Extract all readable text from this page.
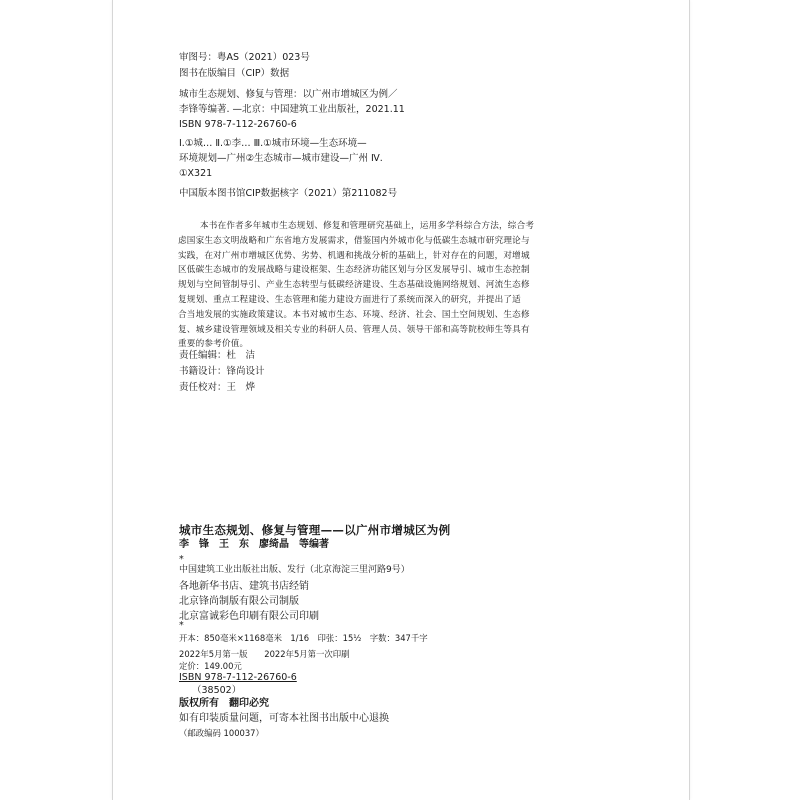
审图号：粤AS（2021）023号
图书在版编目（CIP）数据
城市生态规划、修复与管理：以广州市增城区为例／
李锋等编著. —北京：中国建筑工业出版社，2021.11
ISBN 978-7-112-26760-6
Ⅰ.①城… Ⅱ.①李… Ⅲ.①城市环境—生态环境—
环境规划—广州②生态城市—城市建设—广州 Ⅳ.
①X321
中国版本图书馆CIP数据核字（2021）第211082号
本书在作者多年城市生态规划、修复和管理研究基础上，运用多学科综合方法，综合考
虑国家生态文明战略和广东省地方发展需求，借鉴国内外城市化与低碳生态城市研究理论与
实践，在对广州市增城区优势、劣势、机遇和挑战分析的基础上，针对存在的问题，对增城
区低碳生态城市的发展战略与建设框架、生态经济功能区划与分区发展导引、城市生态控制
规划与空间管制导引、产业生态转型与低碳经济建设、生态基础设施网络规划、河流生态修
复规划、重点工程建设、生态管理和能力建设方面进行了系统而深入的研究，并提出了适
合当地发展的实施政策建议。本书对城市生态、环境、经济、社会、国土空间规划、生态修
复、城乡建设管理领域及相关专业的科研人员、管理人员、领导干部和高等院校师生等具有
重要的参考价值。
责任编辑：杜　洁
书籍设计：锋尚设计
责任校对：王　烨
城市生态规划、修复与管理——以广州市增城区为例
李　锋　王　东　廖绮晶　等编著
*
中国建筑工业出版社出版、发行（北京海淀三里河路9号）
各地新华书店、建筑书店经销
北京锋尚制版有限公司制版
北京富诚彩色印刷有限公司印刷
*
开本：850毫米×1168毫米　1/16　印张：15½　字数：347千字
2022年5月第一版　　2022年5月第一次印刷
定价：149.00元
ISBN 978-7-112-26760-6
（38502）
版权所有　翻印必究
如有印装质量问题，可寄本社图书出版中心退换
（邮政编码 100037）
